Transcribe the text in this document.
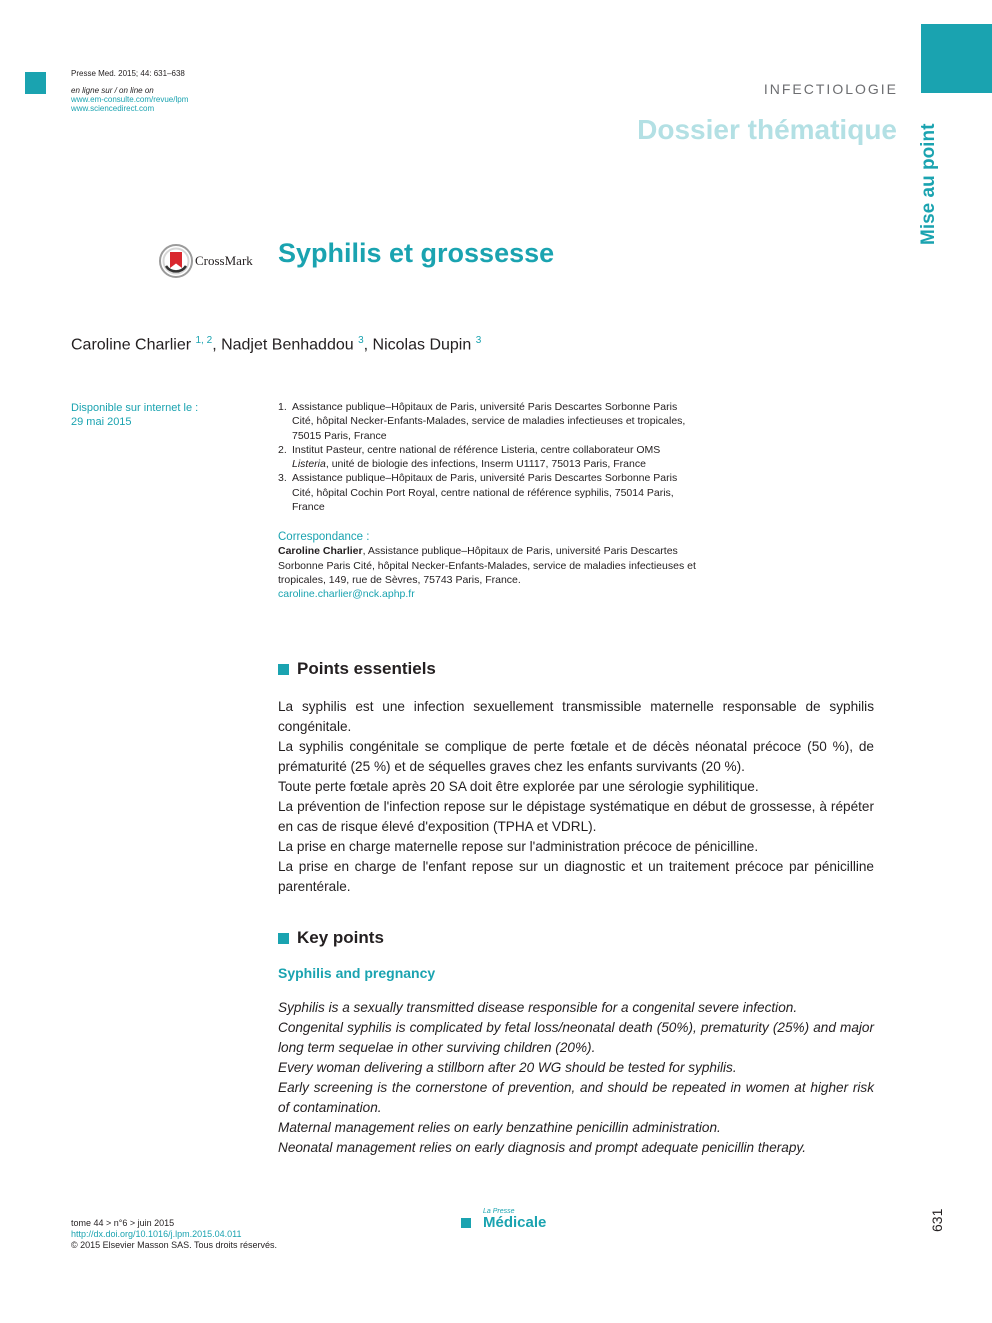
Presse Med. 2015; 44: 631–638
en ligne sur / on line on
www.em-consulte.com/revue/lpm
www.sciencedirect.com
INFECTIOLOGIE
Dossier thématique Mise au point
CrossMark Syphilis et grossesse
Caroline Charlier $^{1, 2}$, Nadjet Benhaddou $^3$, Nicolas Dupin $^3$
Disponible sur internet le :
29 mai 2015
1. Assistance publique–Hôpitaux de Paris, université Paris Descartes Sorbonne Paris Cité, hôpital Necker-Enfants-Malades, service de maladies infectieuses et tropicales, 75015 Paris, France
2. Institut Pasteur, centre national de référence Listeria, centre collaborateur OMS Listeria, unité de biologie des infections, Inserm U1117, 75013 Paris, France
3. Assistance publique–Hôpitaux de Paris, université Paris Descartes Sorbonne Paris Cité, hôpital Cochin Port Royal, centre national de référence syphilis, 75014 Paris, France
Correspondance :
Caroline Charlier, Assistance publique–Hôpitaux de Paris, université Paris Descartes Sorbonne Paris Cité, hôpital Necker-Enfants-Malades, service de maladies infectieuses et tropicales, 149, rue de Sèvres, 75743 Paris, France.
caroline.charlier@nck.aphp.fr
Points essentiels

La syphilis est une infection sexuellement transmissible maternelle responsable de syphilis congénitale.

La syphilis congénitale se complique de perte fœtale et de décès néonatal précoce (50 %), de prématurité (25 %) et de séquelles graves chez les enfants survivants (20 %).

Toute perte fœtale après 20 SA doit être explorée par une sérologie syphilitique.

La prévention de l'infection repose sur le dépistage systématique en début de grossesse, à répéter en cas de risque élevé d'exposition (TPHA et VDRL).

La prise en charge maternelle repose sur l'administration précoce de pénicilline.

La prise en charge de l'enfant repose sur un diagnostic et un traitement précoce par pénicilline parentérale.

Key points
Syphilis and pregnancy

Syphilis is a sexually transmitted disease responsible for a congenital severe infection.

Congenital syphilis is complicated by fetal loss/neonatal death (50%), prematurity (25%) and major long term sequelae in other surviving children (20%).

Every woman delivering a stillborn after 20 WG should be tested for syphilis.

Early screening is the cornerstone of prevention, and should be repeated in women at higher risk of contamination.

Maternal management relies on early benzathine penicillin administration.

Neonatal management relies on early diagnosis and prompt adequate penicillin therapy.

tome 44 > n°6 > juin 2015
http://dx.doi.org/10.1016/j.lpm.2015.04.011
© 2015 Elsevier Masson SAS. Tous droits réservés.
La Presse
Médicale	631
